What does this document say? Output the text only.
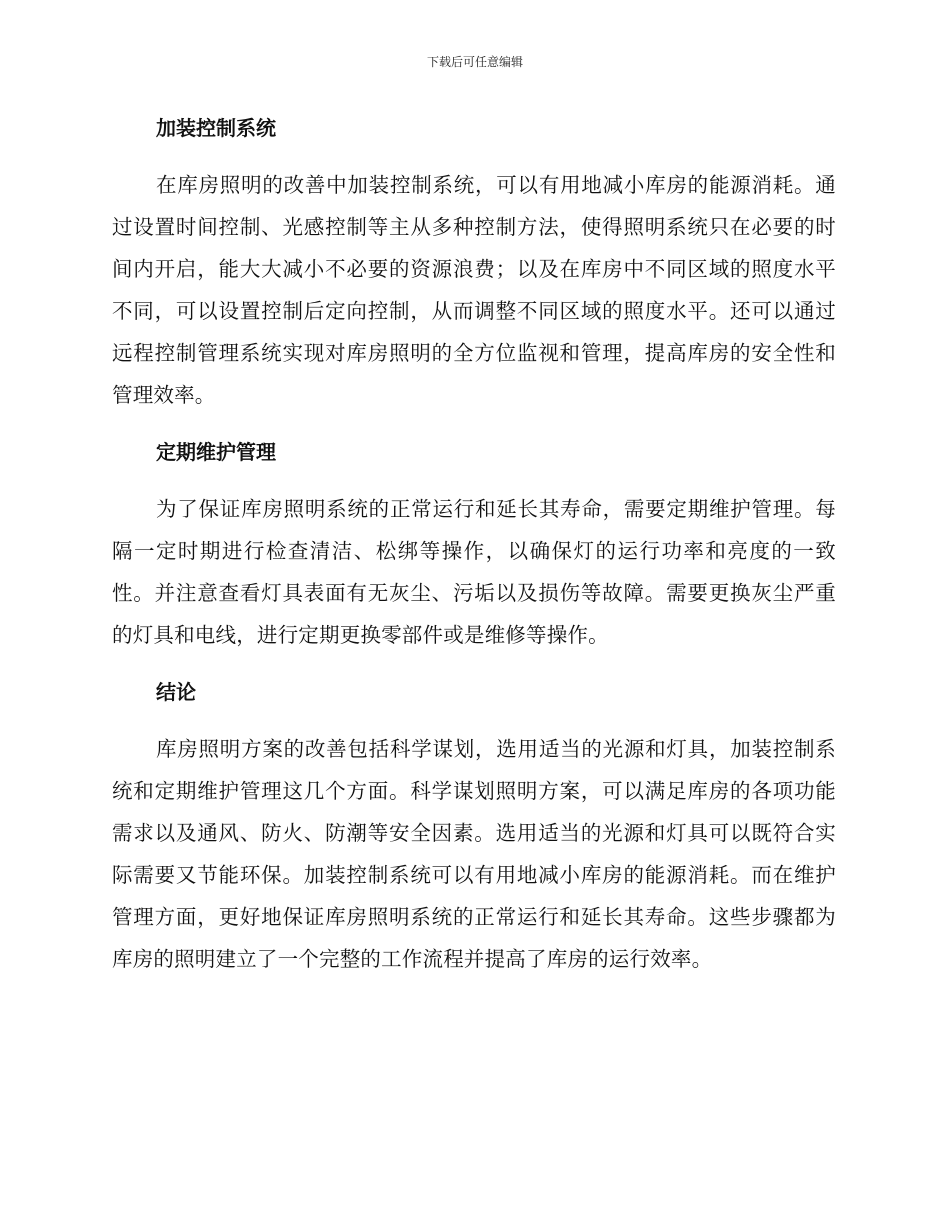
下载后可任意编辑
加装控制系统

在库房照明的改善中加装控制系统，可以有用地减小库房的能源消耗。通过设置时间控制、光感控制等主从多种控制方法，使得照明系统只在必要的时间内开启，能大大减小不必要的资源浪费；以及在库房中不同区域的照度水平不同，可以设置控制后定向控制，从而调整不同区域的照度水平。还可以通过远程控制管理系统实现对库房照明的全方位监视和管理，提高库房的安全性和管理效率。

定期维护管理

为了保证库房照明系统的正常运行和延长其寿命，需要定期维护管理。每隔一定时期进行检查清洁、松绑等操作，以确保灯的运行功率和亮度的一致性。并注意查看灯具表面有无灰尘、污垢以及损伤等故障。需要更换灰尘严重的灯具和电线，进行定期更换零部件或是维修等操作。

结论

库房照明方案的改善包括科学谋划，选用适当的光源和灯具，加装控制系统和定期维护管理这几个方面。科学谋划照明方案，可以满足库房的各项功能需求以及通风、防火、防潮等安全因素。选用适当的光源和灯具可以既符合实际需要又节能环保。加装控制系统可以有用地减小库房的能源消耗。而在维护管理方面，更好地保证库房照明系统的正常运行和延长其寿命。这些步骤都为库房的照明建立了一个完整的工作流程并提高了库房的运行效率。
